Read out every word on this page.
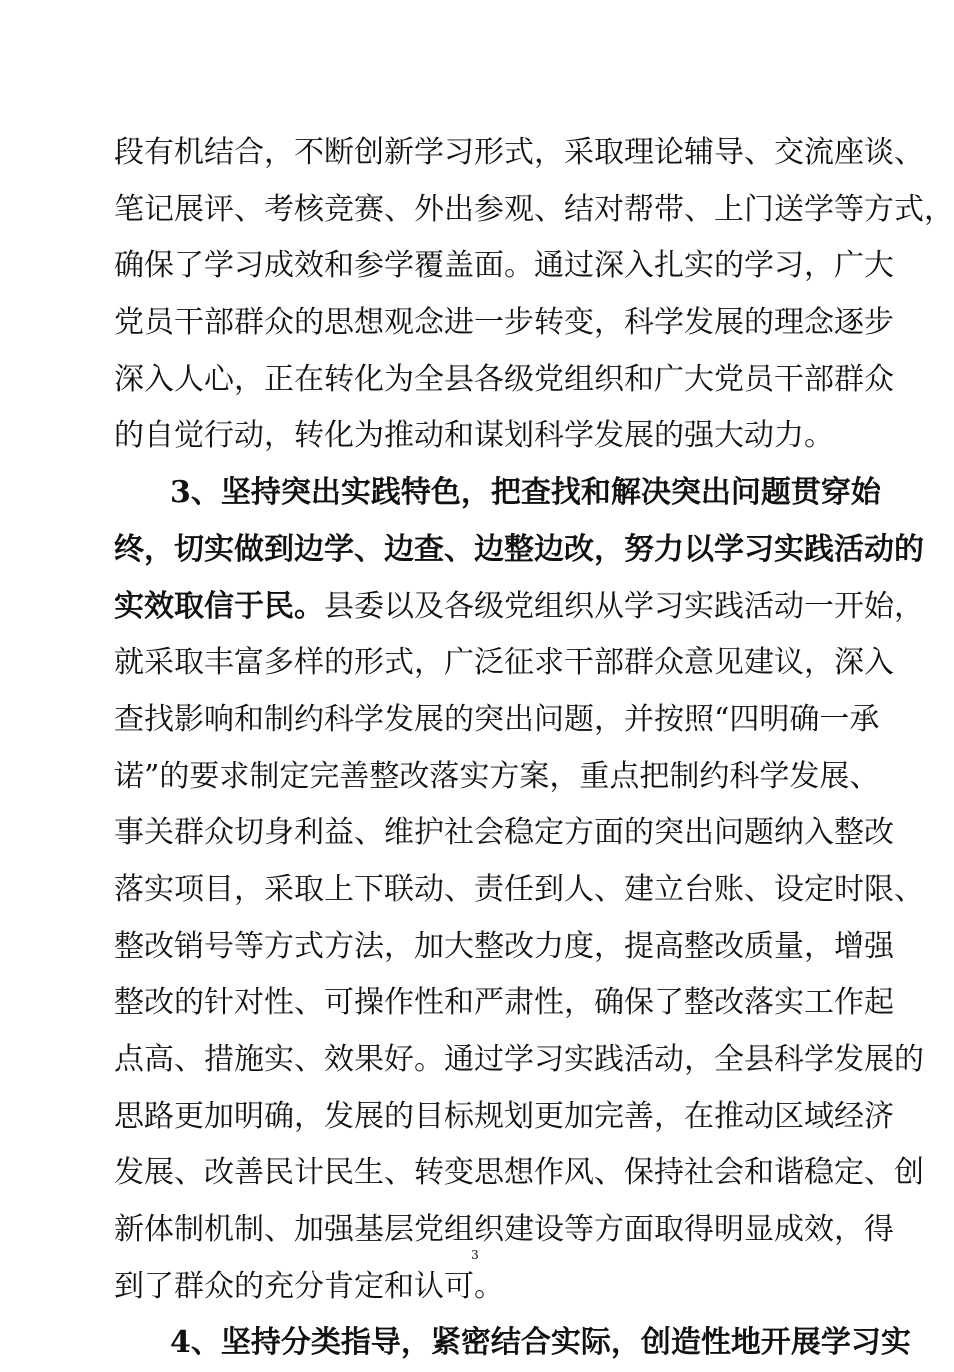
段有机结合，不断创新学习形式，采取理论辅导、交流座谈、
笔记展评、考核竞赛、外出参观、结对帮带、上门送学等方式，
确保了学习成效和参学覆盖面。通过深入扎实的学习，广大
党员干部群众的思想观念进一步转变，科学发展的理念逐步
深入人心，正在转化为全县各级党组织和广大党员干部群众
的自觉行动，转化为推动和谋划科学发展的强大动力。
3、坚持突出实践特色，把查找和解决突出问题贯穿始
终，切实做到边学、边查、边整边改，努力以学习实践活动的
实效取信于民。县委以及各级党组织从学习实践活动一开始，
就采取丰富多样的形式，广泛征求干部群众意见建议，深入
查找影响和制约科学发展的突出问题，并按照“四明确一承
诺”的要求制定完善整改落实方案，重点把制约科学发展、
事关群众切身利益、维护社会稳定方面的突出问题纳入整改
落实项目，采取上下联动、责任到人、建立台账、设定时限、
整改销号等方式方法，加大整改力度，提高整改质量，增强
整改的针对性、可操作性和严肃性，确保了整改落实工作起
点高、措施实、效果好。通过学习实践活动，全县科学发展的
思路更加明确，发展的目标规划更加完善，在推动区域经济
发展、改善民计民生、转变思想作风、保持社会和谐稳定、创
新体制机制、加强基层党组织建设等方面取得明显成效，得
到了群众的充分肯定和认可。
4、坚持分类指导，紧密结合实际，创造性地开展学习实
3
